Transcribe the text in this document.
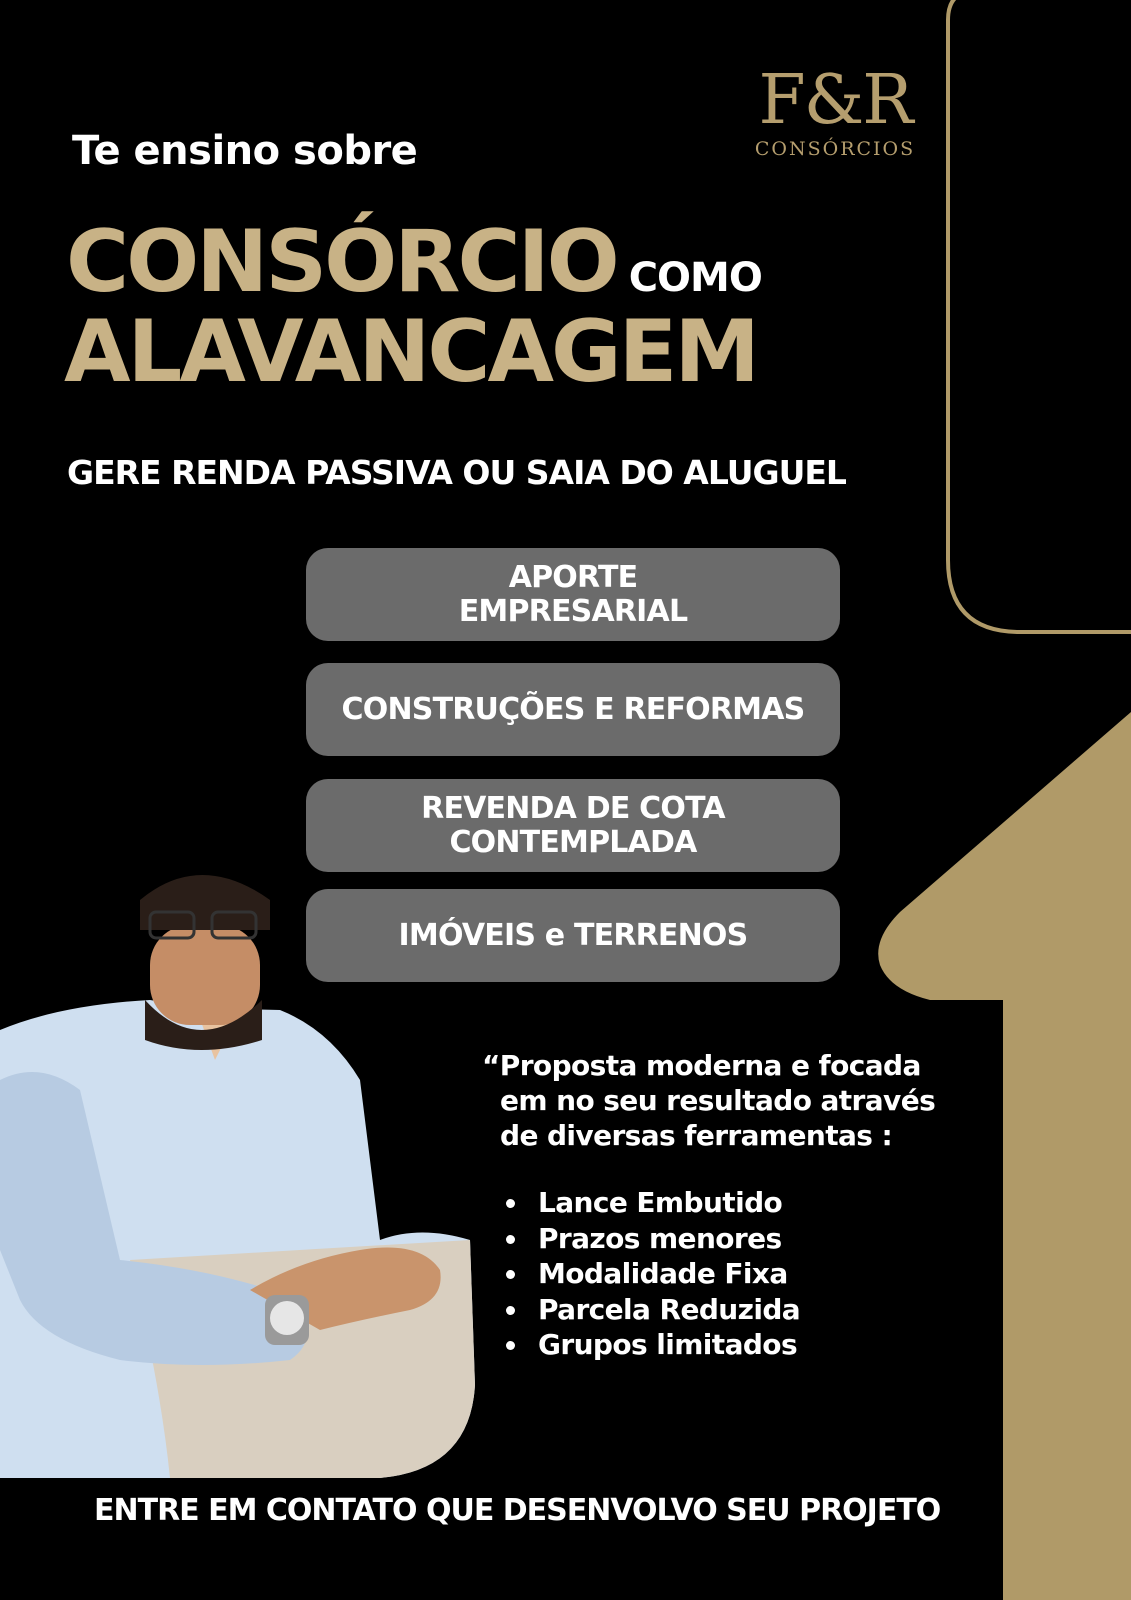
F&R
CONSÓRCIOS
Te ensino sobre
CONSÓRCIO COMO
ALAVANCAGEM
GERE RENDA PASSIVA OU SAIA DO ALUGUEL
APORTE EMPRESARIAL
CONSTRUÇÕES E REFORMAS
REVENDA DE COTA CONTEMPLADA
IMÓVEIS e TERRENOS
“Proposta moderna e focada em no seu resultado através de diversas ferramentas :
Lance Embutido
Prazos menores
Modalidade Fixa
Parcela Reduzida
Grupos limitados
ENTRE EM CONTATO QUE DESENVOLVO SEU PROJETO
